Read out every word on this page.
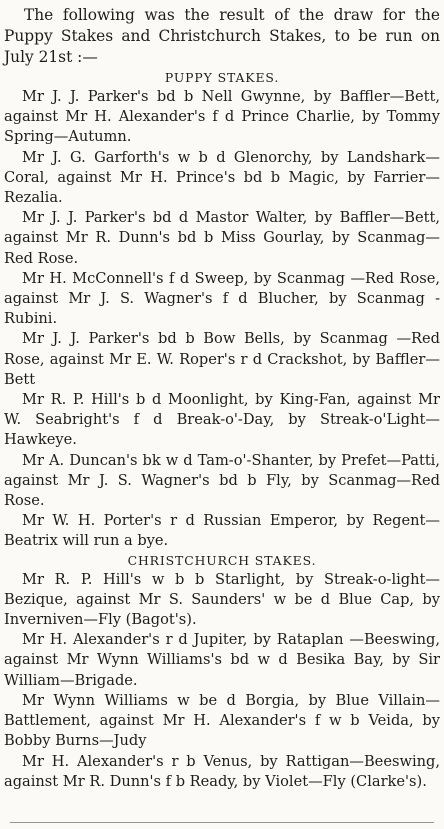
The following was the result of the draw for the Puppy Stakes and Christchurch Stakes, to be run on July 21st :—

PUPPY STAKES.

Mr J. J. Parker's bd b Nell Gwynne, by Baffler—Bett, against Mr H. Alexander's f d Prince Charlie, by Tommy Spring—Autumn.

Mr J. G. Garforth's w b d Glenorchy, by Landshark—Coral, against Mr H. Prince's bd b Magic, by Farrier—Rezalia.

Mr J. J. Parker's bd d Mastor Walter, by Baffler—Bett, against Mr R. Dunn's bd b Miss Gourlay, by Scanmag—Red Rose.

Mr H. McConnell's f d Sweep, by Scanmag —Red Rose, against Mr J. S. Wagner's f d Blucher, by Scanmag - Rubini.

Mr J. J. Parker's bd b Bow Bells, by Scanmag —Red Rose, against Mr E. W. Roper's r d Crackshot, by Baffler—Bett

Mr R. P. Hill's b d Moonlight, by King-Fan, against Mr W. Seabright's f d Break-o'-Day, by Streak-o'Light—Hawkeye.

Mr A. Duncan's bk w d Tam-o'-Shanter, by Prefet—Patti, against Mr J. S. Wagner's bd b Fly, by Scanmag—Red Rose.

Mr W. H. Porter's r d Russian Emperor, by Regent—Beatrix will run a bye.

CHRISTCHURCH STAKES.

Mr R. P. Hill's w b b Starlight, by Streak-o-light—Bezique, against Mr S. Saunders' w be d Blue Cap, by Inverniven—Fly (Bagot's).

Mr H. Alexander's r d Jupiter, by Rataplan —Beeswing, against Mr Wynn Williams's bd w d Besika Bay, by Sir William—Brigade.

Mr Wynn Williams w be d Borgia, by Blue Villain—Battlement, against Mr H. Alexander's f w b Veida, by Bobby Burns—Judy

Mr H. Alexander's r b Venus, by Rattigan—Beeswing, against Mr R. Dunn's f b Ready, by Violet—Fly (Clarke's).
